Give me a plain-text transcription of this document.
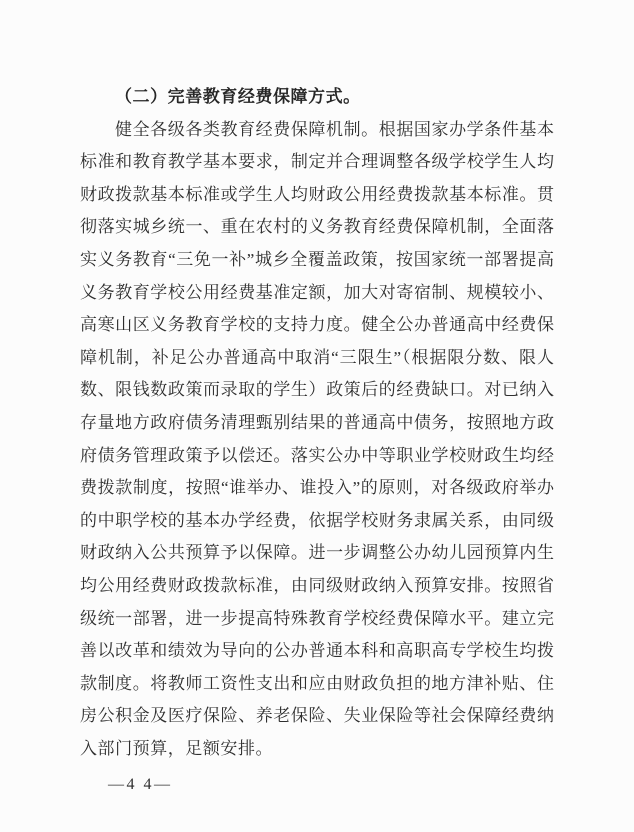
（二）完善教育经费保障方式。
健全各级各类教育经费保障机制。根据国家办学条件基本
标准和教育教学基本要求，制定并合理调整各级学校学生人均
财政拨款基本标准或学生人均财政公用经费拨款基本标准。贯
彻落实城乡统一、重在农村的义务教育经费保障机制，全面落
实义务教育“三免一补”城乡全覆盖政策，按国家统一部署提高
义务教育学校公用经费基准定额，加大对寄宿制、规模较小、
高寒山区义务教育学校的支持力度。健全公办普通高中经费保
障机制，补足公办普通高中取消“三限生”（根据限分数、限人
数、限钱数政策而录取的学生）政策后的经费缺口。对已纳入
存量地方政府债务清理甄别结果的普通高中债务，按照地方政
府债务管理政策予以偿还。落实公办中等职业学校财政生均经
费拨款制度，按照“谁举办、谁投入”的原则，对各级政府举办
的中职学校的基本办学经费，依据学校财务隶属关系，由同级
财政纳入公共预算予以保障。进一步调整公办幼儿园预算内生
均公用经费财政拨款标准，由同级财政纳入预算安排。按照省
级统一部署，进一步提高特殊教育学校经费保障水平。建立完
善以改革和绩效为导向的公办普通本科和高职高专学校生均拨
款制度。将教师工资性支出和应由财政负担的地方津补贴、住
房公积金及医疗保险、养老保险、失业保险等社会保障经费纳
入部门预算，足额安排。
—4 4—
